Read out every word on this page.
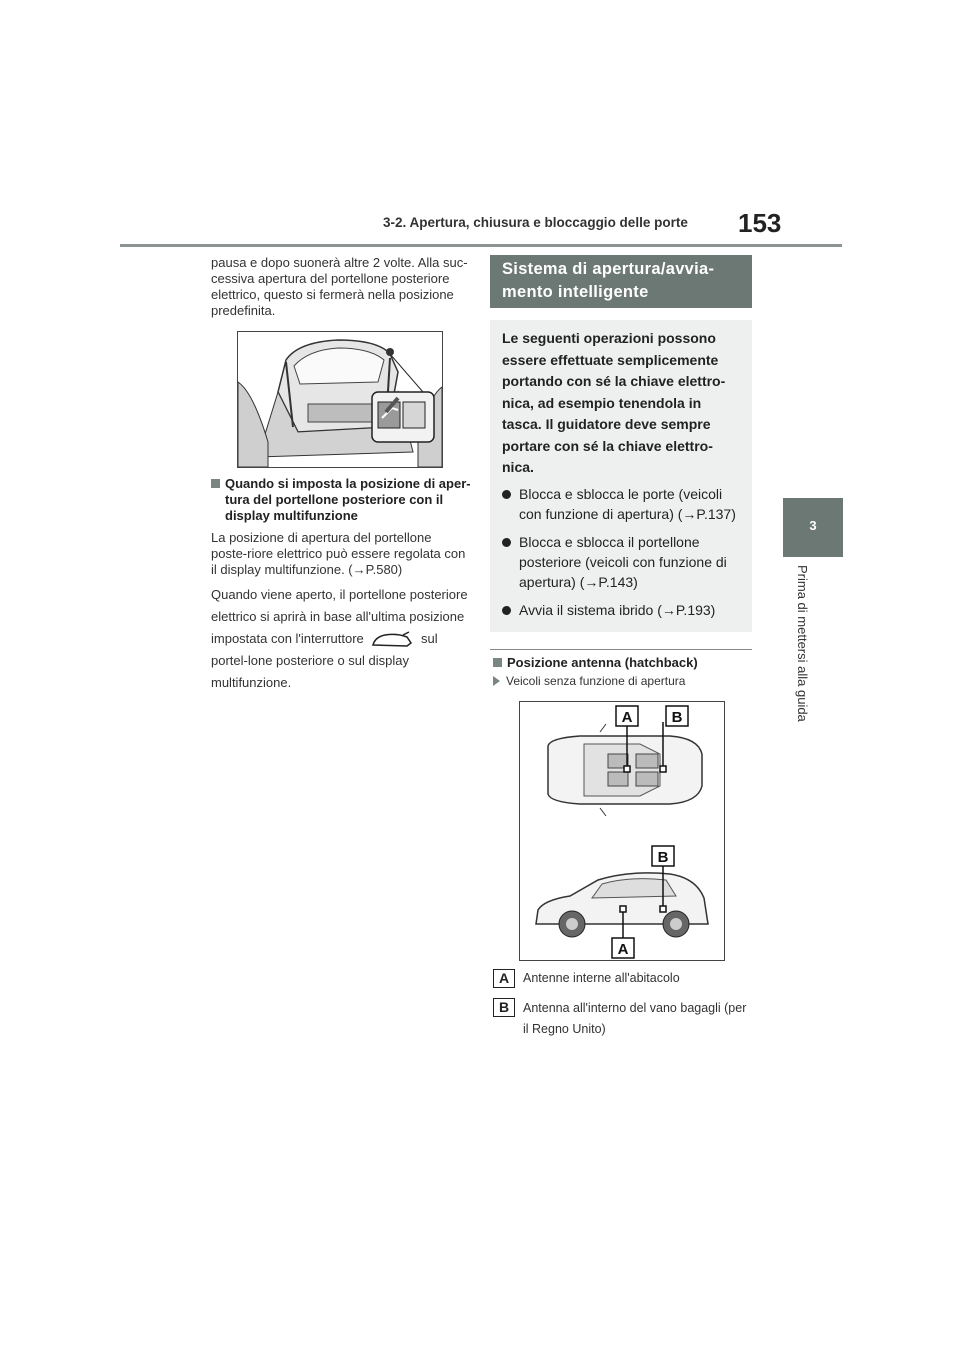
3-2. Apertura, chiusura e bloccaggio delle porte 153
3
Prima di mettersi alla guida

pausa e dopo suonerà altre 2 volte. Alla suc-cessiva apertura del portellone posteriore elettrico, questo si fermerà nella posizione predefinita.

Quando si imposta la posizione di aper-tura del portellone posteriore con il display multifunzione

La posizione di apertura del portellone poste-riore elettrico può essere regolata con il display multifunzione. (→P.580)

Quando viene aperto, il portellone posteriore elettrico si aprirà in base all'ultima posizione impostata con l'interruttore	sul portel-lone posteriore o sul display multifunzione.

Sistema di apertura/avvia-mento intelligente

Le seguenti operazioni possono essere effettuate semplicemente portando con sé la chiave elettro-nica, ad esempio tenendola in tasca. Il guidatore deve sempre portare con sé la chiave elettro-nica.

Blocca e sblocca le porte (veicoli con funzione di apertura) (→P.137)
Blocca e sblocca il portellone posteriore (veicoli con funzione di apertura) (→P.143)
Avvia il sistema ibrido (→P.193)
Posizione antenna (hatchback)
Veicoli senza funzione di apertura
A	B
B
A
A	Antenne interne all'abitacolo
B	Antenna all'interno del vano bagagli (per il Regno Unito)
